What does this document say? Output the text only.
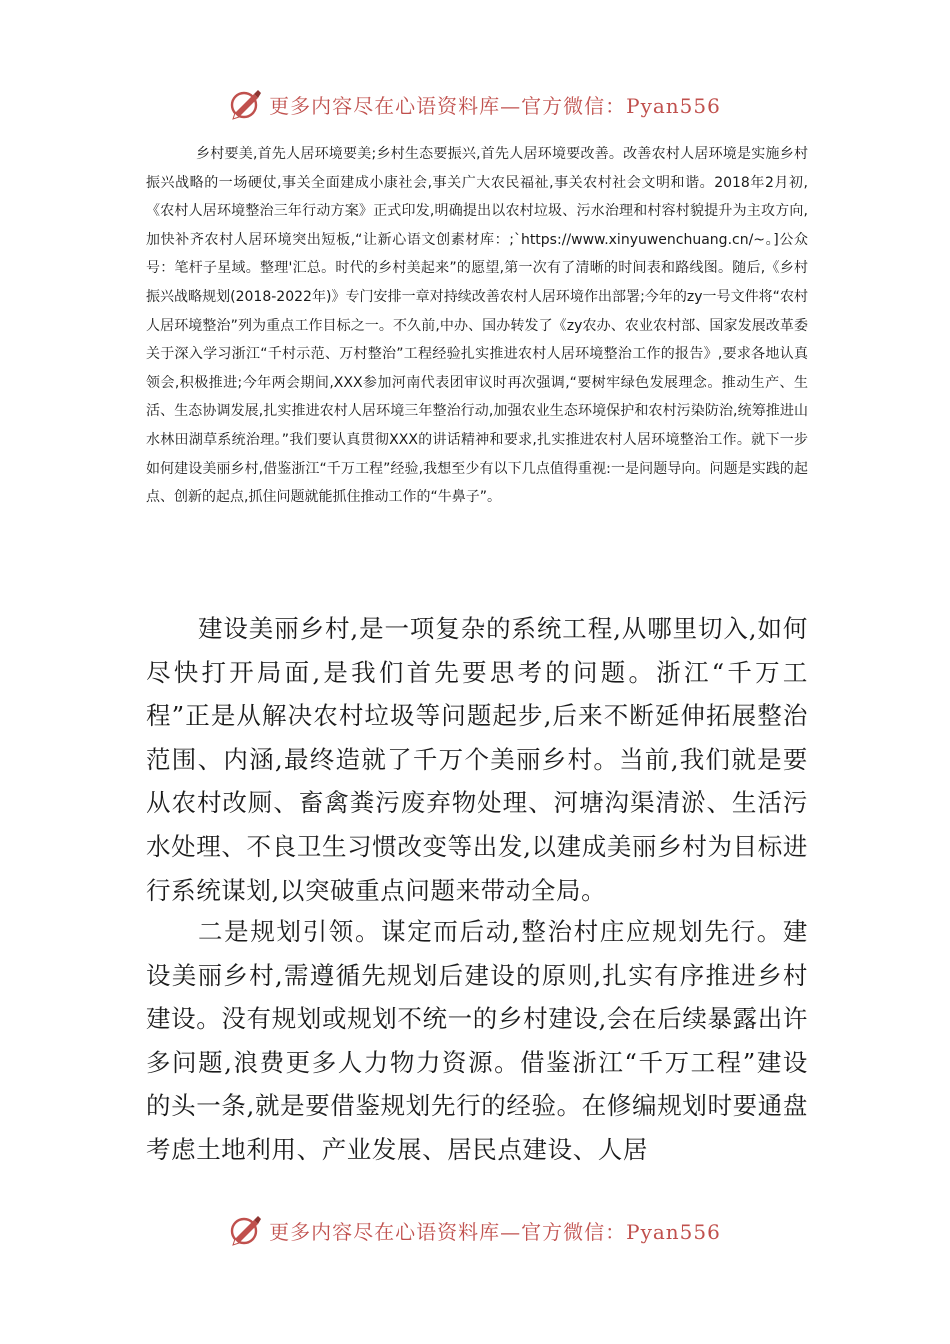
更多内容尽在心语资料库—官方微信：Pyan556

乡村要美,首先人居环境要美;乡村生态要振兴,首先人居环境要改善。改善农村人居环境是实施乡村振兴战略的一场硬仗,事关全面建成小康社会,事关广大农民福祉,事关农村社会文明和谐。2018年2月初,《农村人居环境整治三年行动方案》正式印发,明确提出以农村垃圾、污水治理和村容村貌提升为主攻方向,加快补齐农村人居环境突出短板,“让新心语文创素材库：;`https://www.xinyuwenchuang.cn/~。]公众号：笔杆子星域。整理'汇总。时代的乡村美起来”的愿望,第一次有了清晰的时间表和路线图。随后,《乡村振兴战略规划(2018-2022年)》专门安排一章对持续改善农村人居环境作出部署;今年的zy一号文件将“农村人居环境整治”列为重点工作目标之一。不久前,中办、国办转发了《zy农办、农业农村部、国家发展改革委关于深入学习浙江“千村示范、万村整治”工程经验扎实推进农村人居环境整治工作的报告》,要求各地认真领会,积极推进;今年两会期间,XXX参加河南代表团审议时再次强调,“要树牢绿色发展理念。推动生产、生活、生态协调发展,扎实推进农村人居环境三年整治行动,加强农业生态环境保护和农村污染防治,统筹推进山水林田湖草系统治理。”我们要认真贯彻XXX的讲话精神和要求,扎实推进农村人居环境整治工作。就下一步如何建设美丽乡村,借鉴浙江“千万工程”经验,我想至少有以下几点值得重视:一是问题导向。问题是实践的起点、创新的起点,抓住问题就能抓住推动工作的“牛鼻子”。

建设美丽乡村,是一项复杂的系统工程,从哪里切入,如何尽快打开局面,是我们首先要思考的问题。浙江“千万工程”正是从解决农村垃圾等问题起步,后来不断延伸拓展整治范围、内涵,最终造就了千万个美丽乡村。当前,我们就是要从农村改厕、畜禽粪污废弃物处理、河塘沟渠清淤、生活污水处理、不良卫生习惯改变等出发,以建成美丽乡村为目标进行系统谋划,以突破重点问题来带动全局。

二是规划引领。谋定而后动,整治村庄应规划先行。建设美丽乡村,需遵循先规划后建设的原则,扎实有序推进乡村建设。没有规划或规划不统一的乡村建设,会在后续暴露出许多问题,浪费更多人力物力资源。借鉴浙江“千万工程”建设的头一条,就是要借鉴规划先行的经验。在修编规划时要通盘考虑土地利用、产业发展、居民点建设、人居

更多内容尽在心语资料库—官方微信：Pyan556
